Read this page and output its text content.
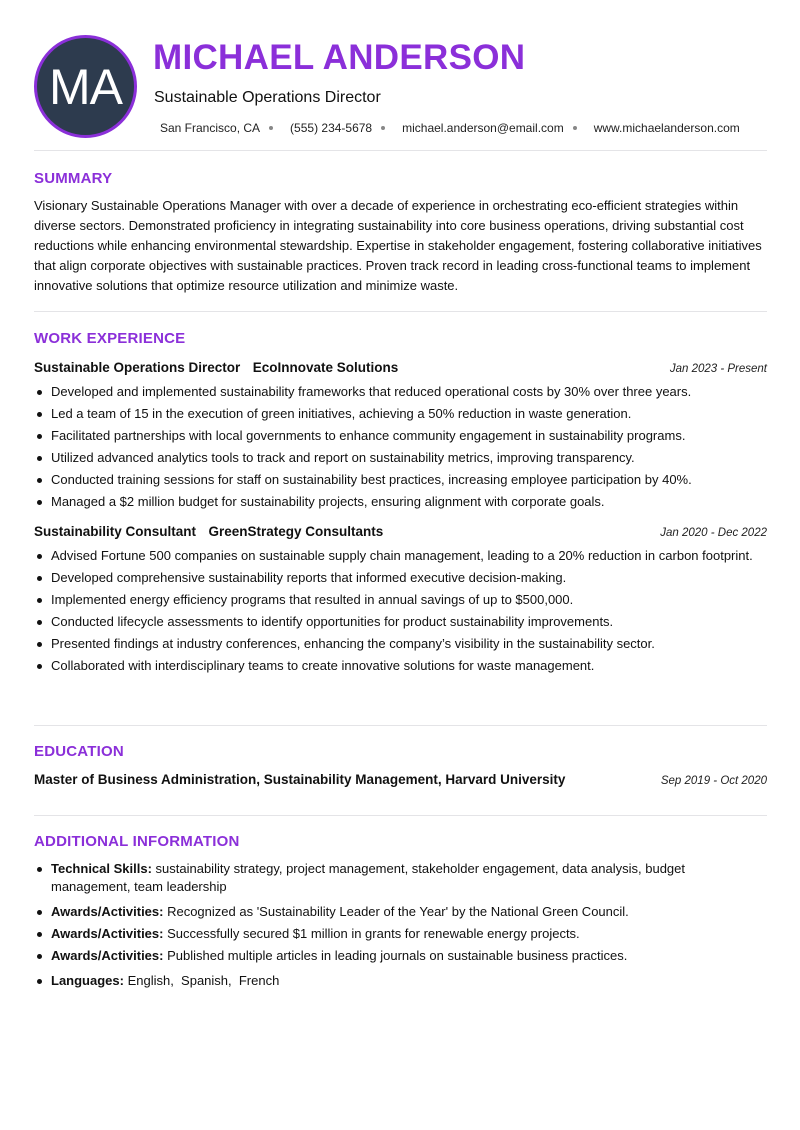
MA
MICHAEL ANDERSON
Sustainable Operations Director
San Francisco, CA	(555) 234-5678	michael.anderson@email.com	www.michaelanderson.com
SUMMARY

Visionary Sustainable Operations Manager with over a decade of experience in orchestrating eco-efficient strategies within diverse sectors. Demonstrated proficiency in integrating sustainability into core business operations, driving substantial cost reductions while enhancing environmental stewardship. Expertise in stakeholder engagement, fostering collaborative initiatives that align corporate objectives with sustainable practices. Proven track record in leading cross-functional teams to implement innovative solutions that optimize resource utilization and minimize waste.

WORK EXPERIENCE
Sustainable Operations Director EcoInnovate Solutions	Jan 2023 - Present
Developed and implemented sustainability frameworks that reduced operational costs by 30% over three years.
Led a team of 15 in the execution of green initiatives, achieving a 50% reduction in waste generation.
Facilitated partnerships with local governments to enhance community engagement in sustainability programs.
Utilized advanced analytics tools to track and report on sustainability metrics, improving transparency.
Conducted training sessions for staff on sustainability best practices, increasing employee participation by 40%.
Managed a $2 million budget for sustainability projects, ensuring alignment with corporate goals.
Sustainability Consultant GreenStrategy Consultants	Jan 2020 - Dec 2022
Advised Fortune 500 companies on sustainable supply chain management, leading to a 20% reduction in carbon footprint.
Developed comprehensive sustainability reports that informed executive decision-making.
Implemented energy efficiency programs that resulted in annual savings of up to $500,000.
Conducted lifecycle assessments to identify opportunities for product sustainability improvements.
Presented findings at industry conferences, enhancing the company’s visibility in the sustainability sector.
Collaborated with interdisciplinary teams to create innovative solutions for waste management.
EDUCATION
Master of Business Administration, Sustainability Management, Harvard University	Sep 2019 - Oct 2020
ADDITIONAL INFORMATION
Technical Skills: sustainability strategy, project management, stakeholder engagement, data analysis, budget management, team leadership
Awards/Activities: Recognized as 'Sustainability Leader of the Year' by the National Green Council.
Awards/Activities: Successfully secured $1 million in grants for renewable energy projects.
Awards/Activities: Published multiple articles in leading journals on sustainable business practices.
Languages: English,  Spanish,  French
